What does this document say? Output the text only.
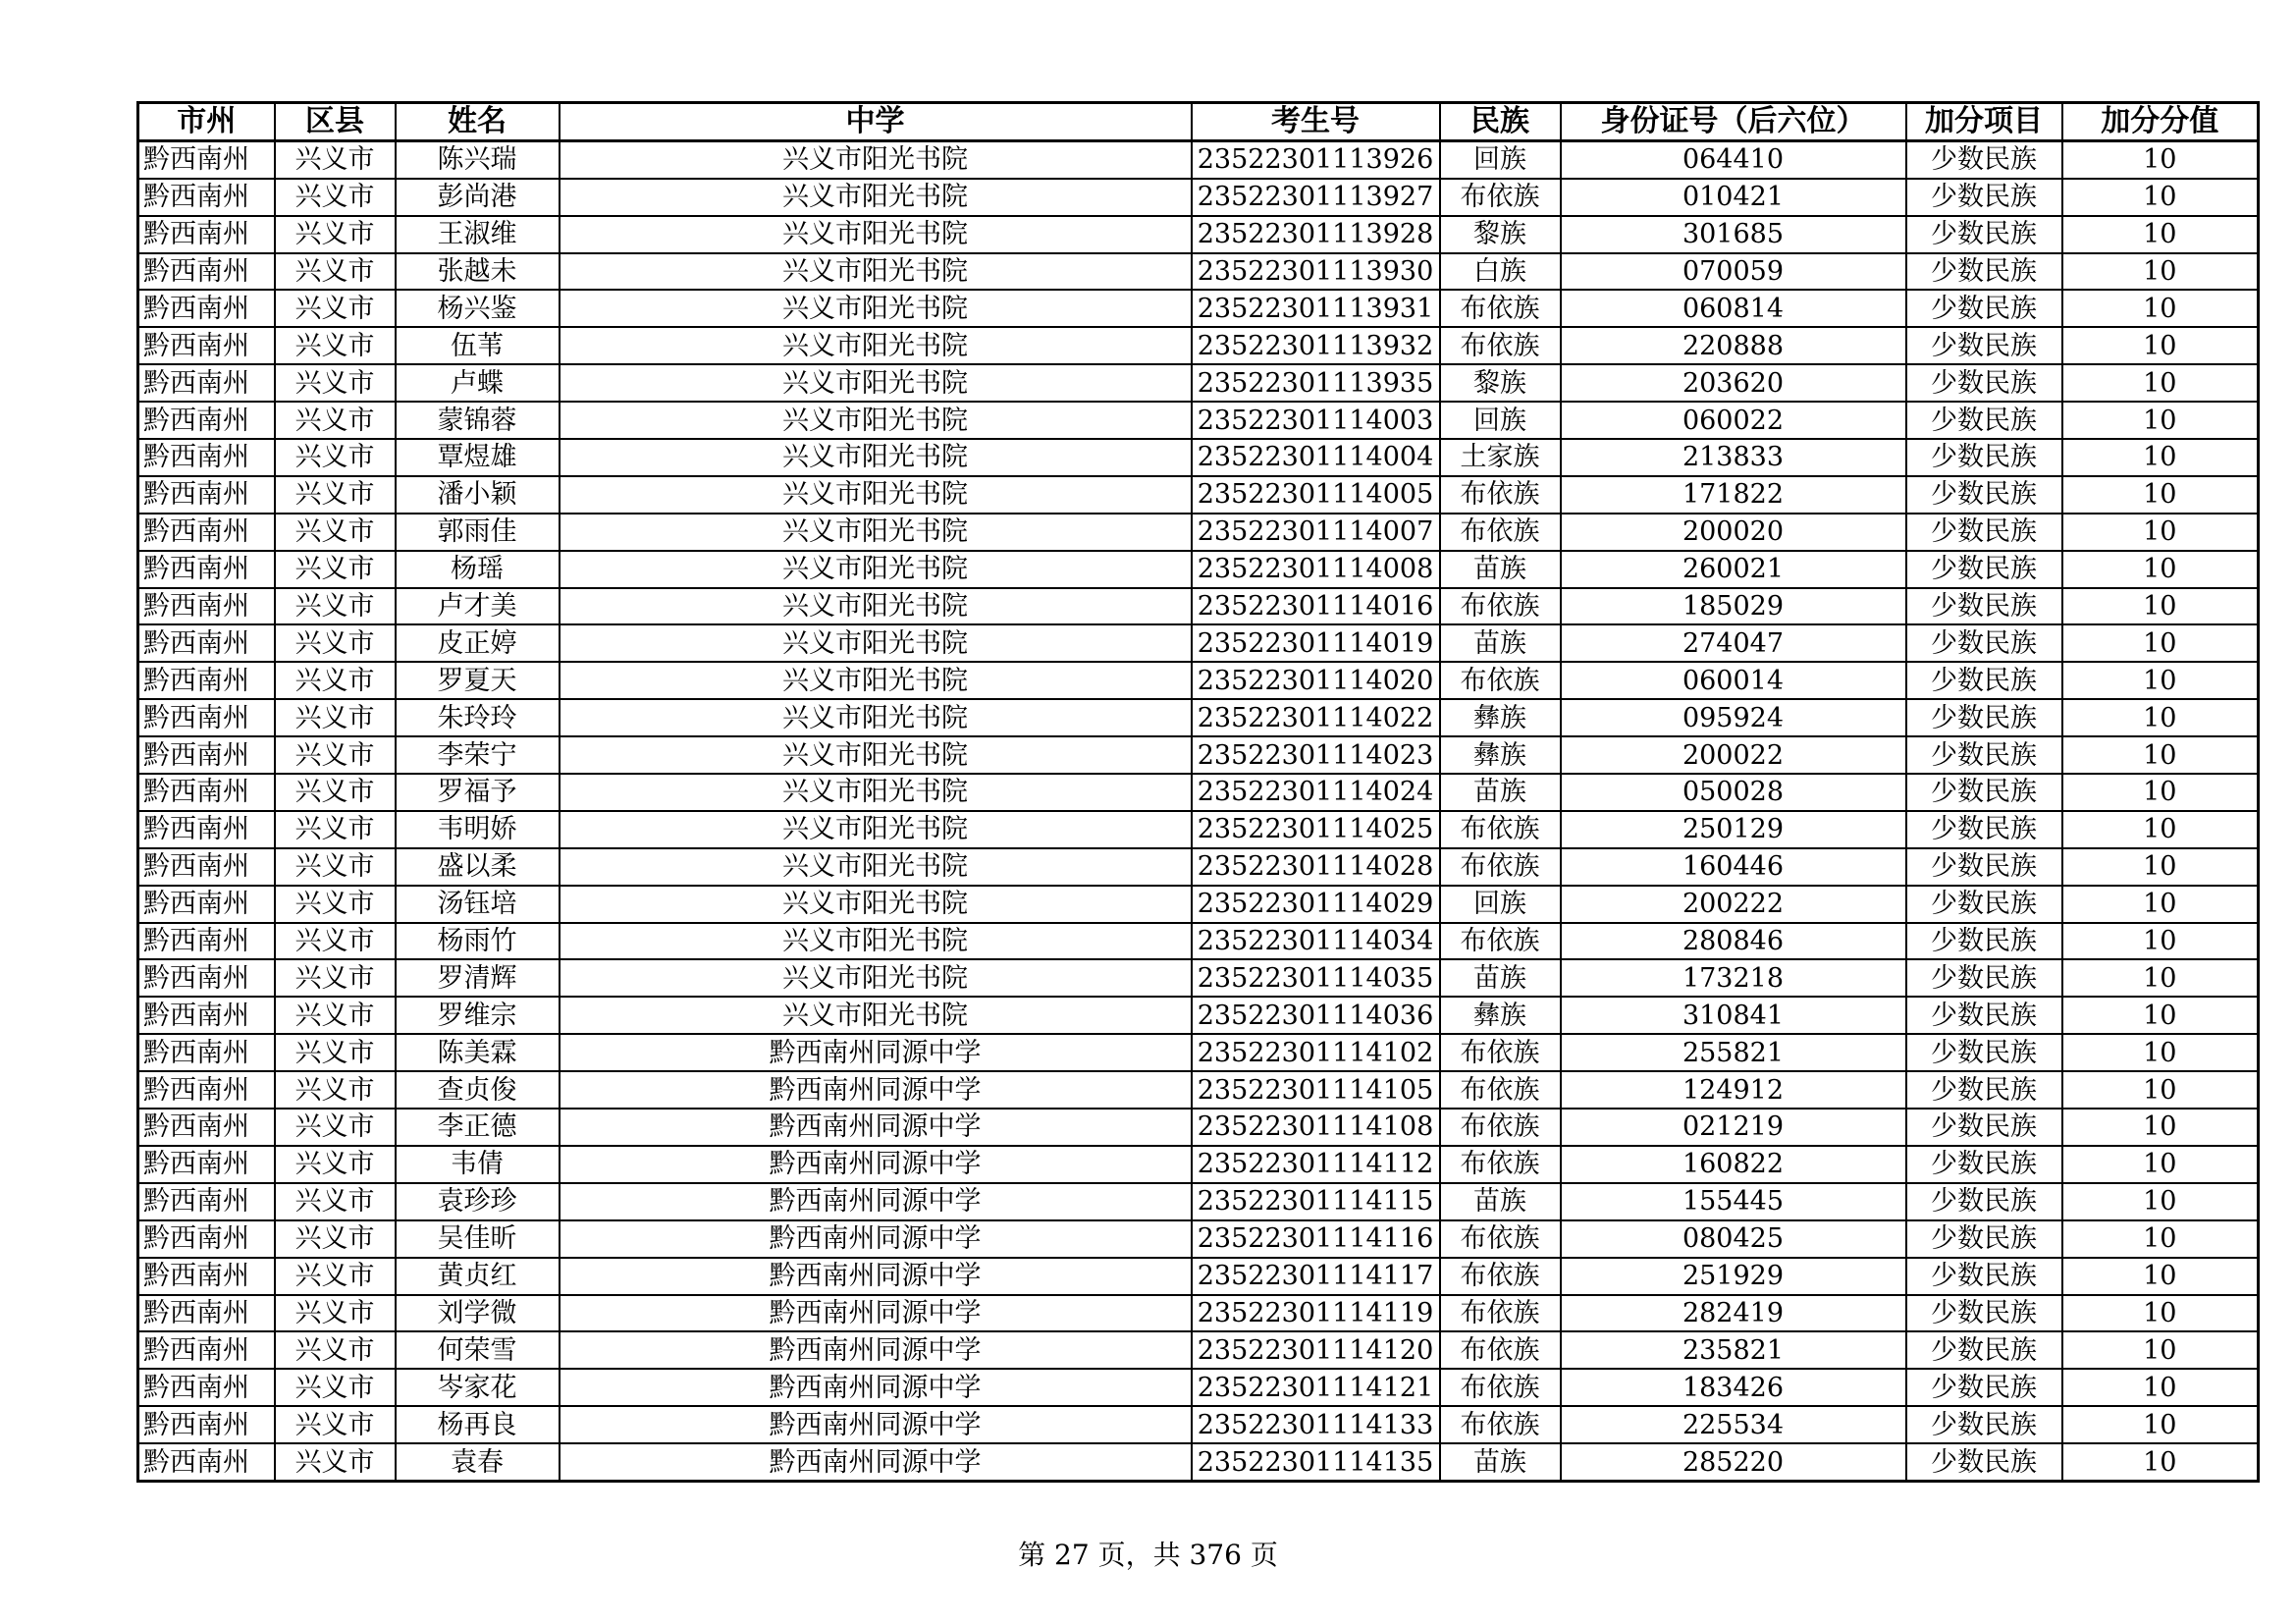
市州	区县	姓名	中学	考生号	民族	身份证号（后六位）	加分项目	加分分值
黔西南州	兴义市	陈兴瑞	兴义市阳光书院	23522301113926	回族	064410	少数民族	10
黔西南州	兴义市	彭尚港	兴义市阳光书院	23522301113927	布依族	010421	少数民族	10
黔西南州	兴义市	王淑维	兴义市阳光书院	23522301113928	黎族	301685	少数民族	10
黔西南州	兴义市	张越未	兴义市阳光书院	23522301113930	白族	070059	少数民族	10
黔西南州	兴义市	杨兴鉴	兴义市阳光书院	23522301113931	布依族	060814	少数民族	10
黔西南州	兴义市	伍苇	兴义市阳光书院	23522301113932	布依族	220888	少数民族	10
黔西南州	兴义市	卢蝶	兴义市阳光书院	23522301113935	黎族	203620	少数民族	10
黔西南州	兴义市	蒙锦蓉	兴义市阳光书院	23522301114003	回族	060022	少数民族	10
黔西南州	兴义市	覃煜雄	兴义市阳光书院	23522301114004	土家族	213833	少数民族	10
黔西南州	兴义市	潘小颖	兴义市阳光书院	23522301114005	布依族	171822	少数民族	10
黔西南州	兴义市	郭雨佳	兴义市阳光书院	23522301114007	布依族	200020	少数民族	10
黔西南州	兴义市	杨瑶	兴义市阳光书院	23522301114008	苗族	260021	少数民族	10
黔西南州	兴义市	卢才美	兴义市阳光书院	23522301114016	布依族	185029	少数民族	10
黔西南州	兴义市	皮正婷	兴义市阳光书院	23522301114019	苗族	274047	少数民族	10
黔西南州	兴义市	罗夏天	兴义市阳光书院	23522301114020	布依族	060014	少数民族	10
黔西南州	兴义市	朱玲玲	兴义市阳光书院	23522301114022	彝族	095924	少数民族	10
黔西南州	兴义市	李荣宁	兴义市阳光书院	23522301114023	彝族	200022	少数民族	10
黔西南州	兴义市	罗福予	兴义市阳光书院	23522301114024	苗族	050028	少数民族	10
黔西南州	兴义市	韦明娇	兴义市阳光书院	23522301114025	布依族	250129	少数民族	10
黔西南州	兴义市	盛以柔	兴义市阳光书院	23522301114028	布依族	160446	少数民族	10
黔西南州	兴义市	汤钰培	兴义市阳光书院	23522301114029	回族	200222	少数民族	10
黔西南州	兴义市	杨雨竹	兴义市阳光书院	23522301114034	布依族	280846	少数民族	10
黔西南州	兴义市	罗清辉	兴义市阳光书院	23522301114035	苗族	173218	少数民族	10
黔西南州	兴义市	罗维宗	兴义市阳光书院	23522301114036	彝族	310841	少数民族	10
黔西南州	兴义市	陈美霖	黔西南州同源中学	23522301114102	布依族	255821	少数民族	10
黔西南州	兴义市	查贞俊	黔西南州同源中学	23522301114105	布依族	124912	少数民族	10
黔西南州	兴义市	李正德	黔西南州同源中学	23522301114108	布依族	021219	少数民族	10
黔西南州	兴义市	韦倩	黔西南州同源中学	23522301114112	布依族	160822	少数民族	10
黔西南州	兴义市	袁珍珍	黔西南州同源中学	23522301114115	苗族	155445	少数民族	10
黔西南州	兴义市	吴佳昕	黔西南州同源中学	23522301114116	布依族	080425	少数民族	10
黔西南州	兴义市	黄贞红	黔西南州同源中学	23522301114117	布依族	251929	少数民族	10
黔西南州	兴义市	刘学微	黔西南州同源中学	23522301114119	布依族	282419	少数民族	10
黔西南州	兴义市	何荣雪	黔西南州同源中学	23522301114120	布依族	235821	少数民族	10
黔西南州	兴义市	岑家花	黔西南州同源中学	23522301114121	布依族	183426	少数民族	10
黔西南州	兴义市	杨再良	黔西南州同源中学	23522301114133	布依族	225534	少数民族	10
黔西南州	兴义市	袁春	黔西南州同源中学	23522301114135	苗族	285220	少数民族	10
第 27 页，共 376 页
